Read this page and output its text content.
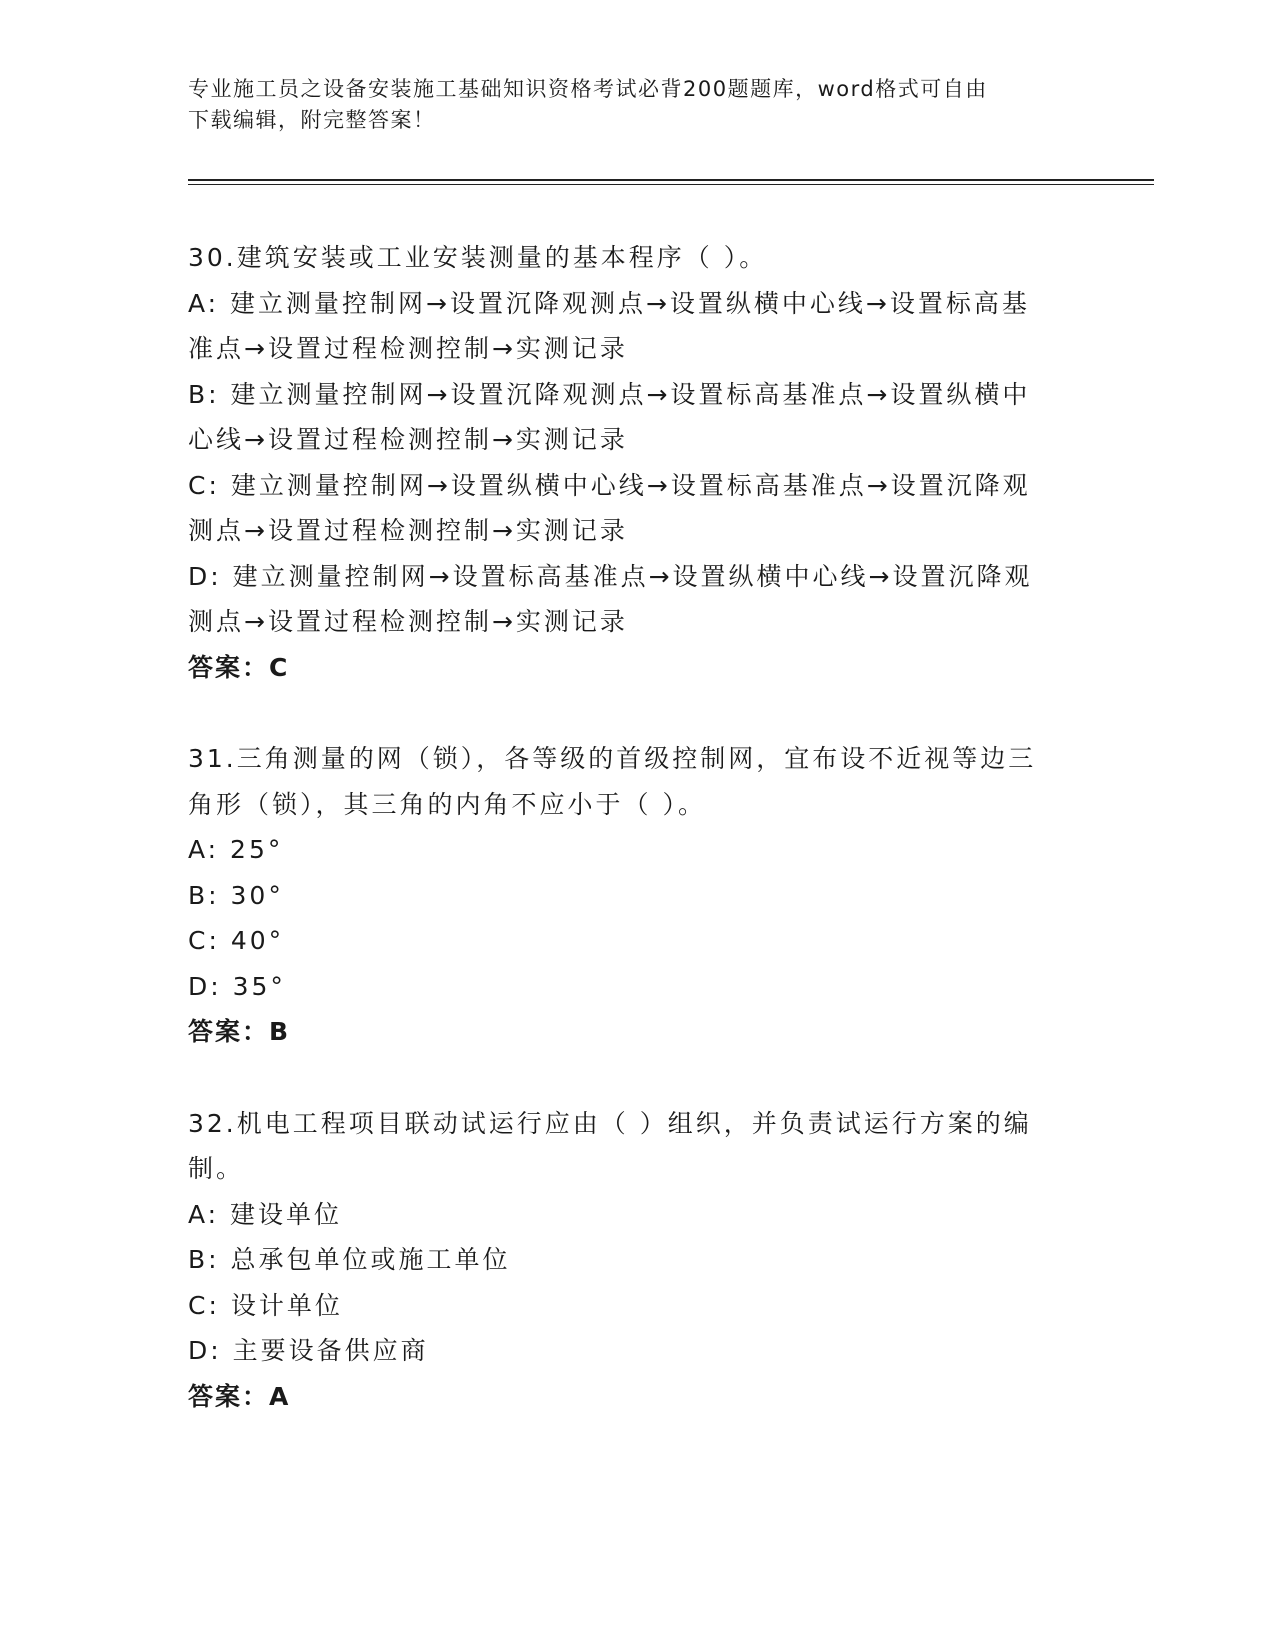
专业施工员之设备安装施工基础知识资格考试必背200题题库，word格式可自由
下载编辑，附完整答案！
30.建筑安装或工业安装测量的基本程序（ ）。
A: 建立测量控制网→设置沉降观测点→设置纵横中心线→设置标高基
准点→设置过程检测控制→实测记录
B: 建立测量控制网→设置沉降观测点→设置标高基准点→设置纵横中
心线→设置过程检测控制→实测记录
C: 建立测量控制网→设置纵横中心线→设置标高基准点→设置沉降观
测点→设置过程检测控制→实测记录
D: 建立测量控制网→设置标高基准点→设置纵横中心线→设置沉降观
测点→设置过程检测控制→实测记录
答案：C
31.三角测量的网（锁），各等级的首级控制网，宜布设不近视等边三
角形（锁），其三角的内角不应小于（ ）。
A: 25°
B: 30°
C: 40°
D: 35°
答案：B
32.机电工程项目联动试运行应由（ ）组织，并负责试运行方案的编
制。
A: 建设单位
B: 总承包单位或施工单位
C: 设计单位
D: 主要设备供应商
答案：A
